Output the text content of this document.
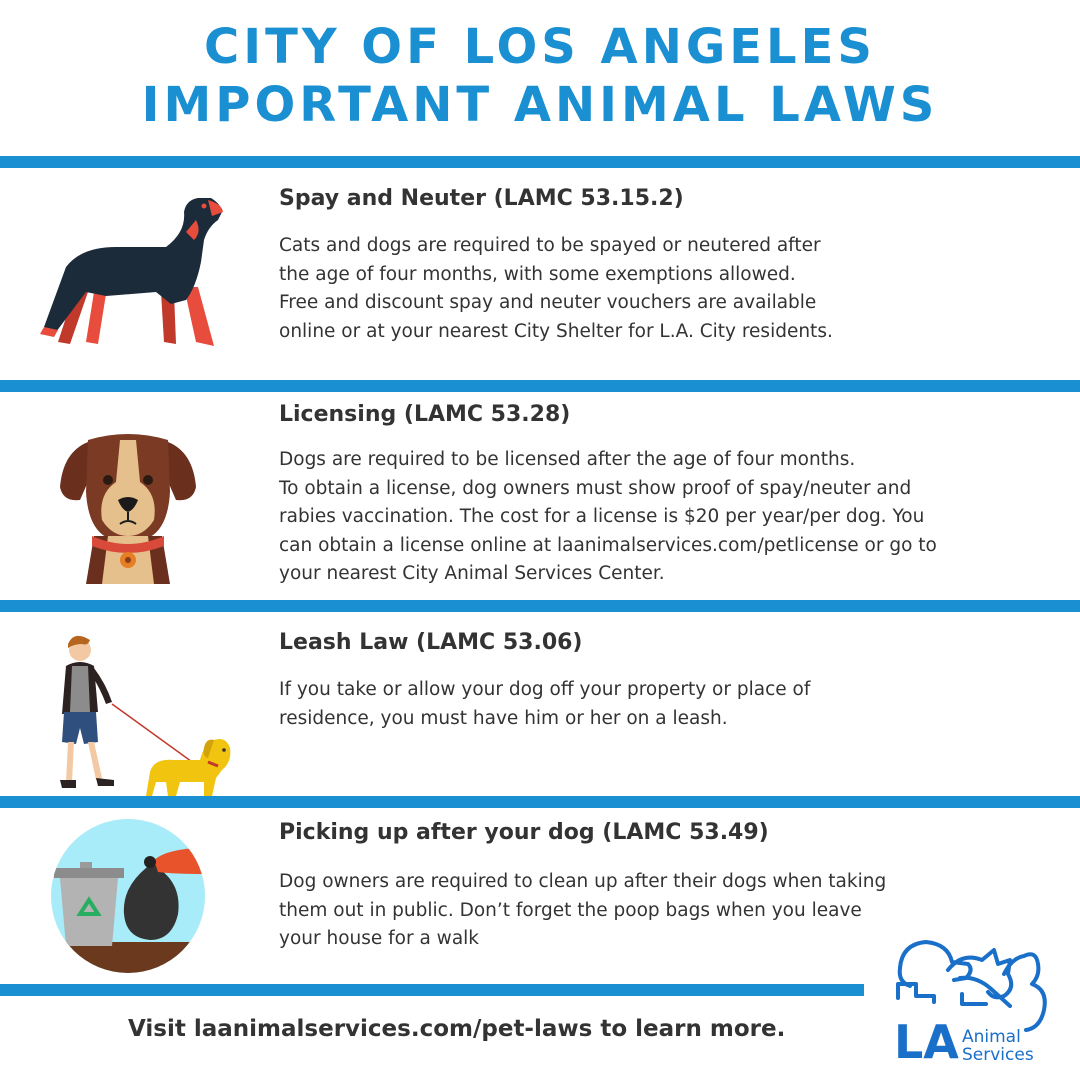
CITY OF LOS ANGELES
IMPORTANT ANIMAL LAWS
Spay and Neuter (LAMC 53.15.2)

Cats and dogs are required to be spayed or neutered after
the age of four months, with some exemptions allowed.
Free and discount spay and neuter vouchers are available
online or at your nearest City Shelter for L.A. City residents.

Licensing (LAMC 53.28)

Dogs are required to be licensed after the age of four months.
To obtain a license, dog owners must show proof of spay/neuter and
rabies vaccination. The cost for a license is $20 per year/per dog. You
can obtain a license online at laanimalservices.com/petlicense or go to
your nearest City Animal Services Center.

Leash Law (LAMC 53.06)

If you take or allow your dog off your property or place of
residence, you must have him or her on a leash.

Picking up after your dog (LAMC 53.49)

Dog owners are required to clean up after their dogs when taking
them out in public. Don’t forget the poop bags when you leave
your house for a walk

Visit laanimalservices.com/pet-laws to learn more. LA Animal
Services
